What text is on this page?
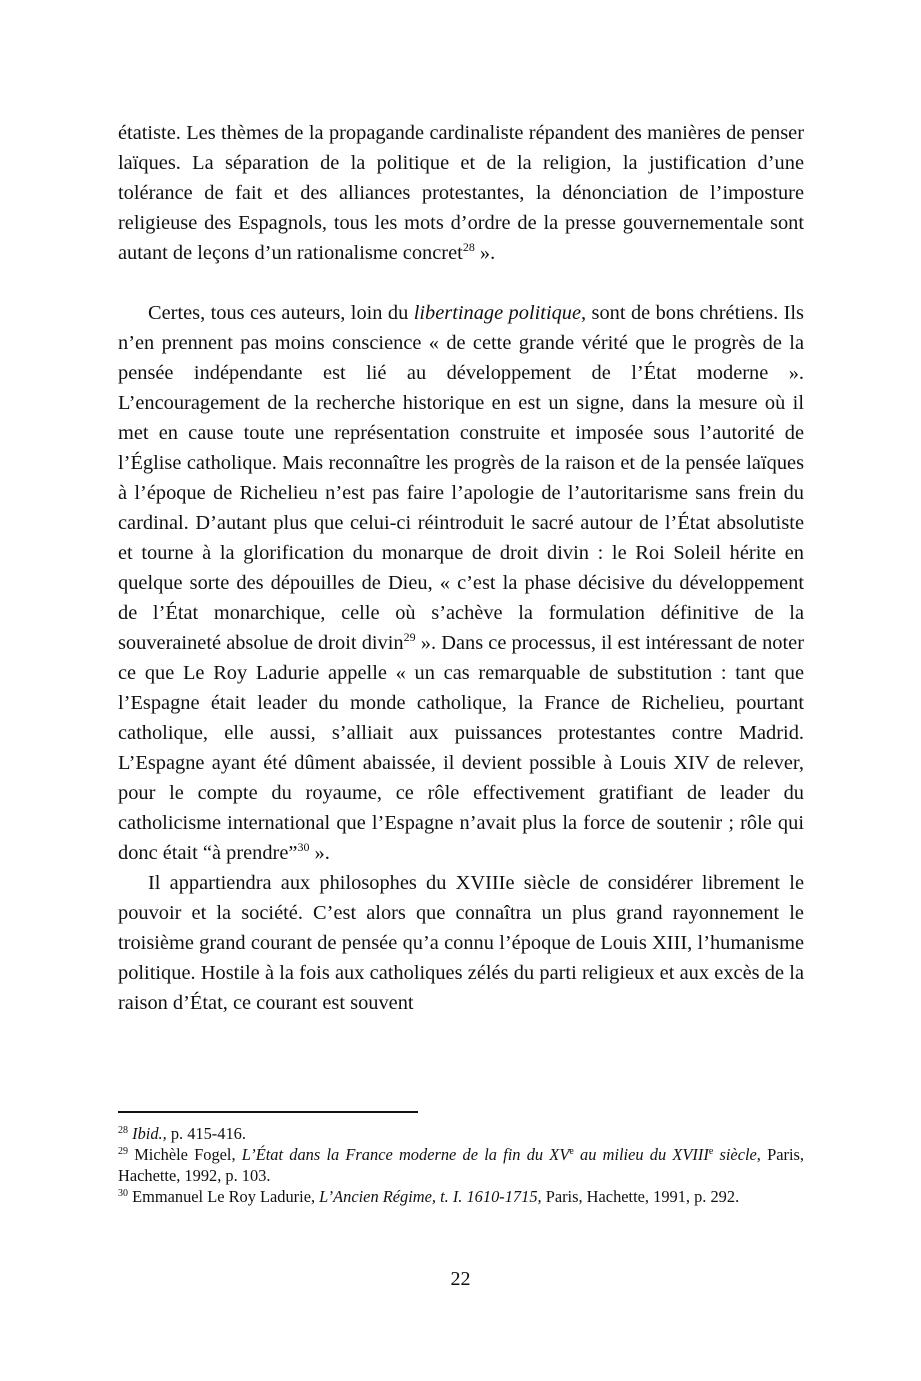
étatiste. Les thèmes de la propagande cardinaliste répandent des manières de penser laïques. La séparation de la politique et de la religion, la justification d’une tolérance de fait et des alliances protestantes, la dénonciation de l’imposture religieuse des Espagnols, tous les mots d’ordre de la presse gouvernementale sont autant de leçons d’un rationalisme concret$^{28}$ ».

Certes, tous ces auteurs, loin du libertinage politique, sont de bons chrétiens. Ils n’en prennent pas moins conscience « de cette grande vérité que le progrès de la pensée indépendante est lié au développement de l’État moderne ». L’encouragement de la recherche historique en est un signe, dans la mesure où il met en cause toute une représentation construite et imposée sous l’autorité de l’Église catholique. Mais reconnaître les progrès de la raison et de la pensée laïques à l’époque de Richelieu n’est pas faire l’apologie de l’autoritarisme sans frein du cardinal. D’autant plus que celui-ci réintroduit le sacré autour de l’État absolutiste et tourne à la glorification du monarque de droit divin : le Roi Soleil hérite en quelque sorte des dépouilles de Dieu, « c’est la phase décisive du développement de l’État monarchique, celle où s’achève la formulation définitive de la souveraineté absolue de droit divin$^{29}$ ». Dans ce processus, il est intéressant de noter ce que Le Roy Ladurie appelle « un cas remarquable de substitution : tant que l’Espagne était leader du monde catholique, la France de Richelieu, pourtant catholique, elle aussi, s’alliait aux puissances protestantes contre Madrid. L’Espagne ayant été dûment abaissée, il devient possible à Louis XIV de relever, pour le compte du royaume, ce rôle effectivement gratifiant de leader du catholicisme international que l’Espagne n’avait plus la force de soutenir ; rôle qui donc était “à prendre”$^{30}$ ».

Il appartiendra aux philosophes du XVIIIe siècle de considérer librement le pouvoir et la société. C’est alors que connaîtra un plus grand rayonnement le troisième grand courant de pensée qu’a connu l’époque de Louis XIII, l’humanisme politique. Hostile à la fois aux catholiques zélés du parti religieux et aux excès de la raison d’État, ce courant est souvent

$^{28}$ Ibid., p. 415-416.

$^{29}$ Michèle Fogel, L’État dans la France moderne de la fin du XVe au milieu du XVIIIe siècle, Paris, Hachette, 1992, p. 103.

$^{30}$ Emmanuel Le Roy Ladurie, L’Ancien Régime, t. I. 1610-1715, Paris, Hachette, 1991, p. 292.

22
